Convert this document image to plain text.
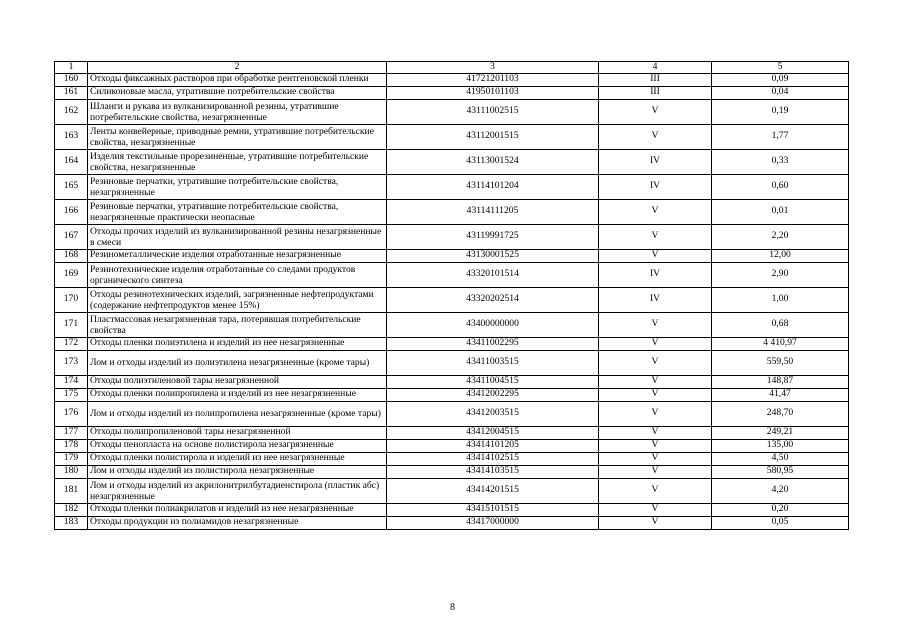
1	2	3	4	5
160	Отходы фиксажных растворов при обработке рентгеновской пленки	41721201103	III	0,09
161	Силиконовые масла, утратившие потребительские свойства	41950101103	III	0,04
162	Шланги и рукава из вулканизированной резины, утратившие потребительские свойства, незагрязненные	43111002515	V	0,19
163	Ленты конвейерные, приводные ремни, утратившие потребительские свойства, незагрязненные	43112001515	V	1,77
164	Изделия текстильные прорезиненные, утратившие потребительские свойства, незагрязненные	43113001524	IV	0,33
165	Резиновые перчатки, утратившие потребительские свойства, незагрязненные	43114101204	IV	0,60
166	Резиновые перчатки, утратившие потребительские свойства, незагрязненные практически неопасные	43114111205	V	0,01
167	Отходы прочих изделий из вулканизированной резины незагрязненные в смеси	43119991725	V	2,20
168	Резинометаллические изделия отработанные незагрязненные	43130001525	V	12,00
169	Резинотехнические изделия отработанные со следами продуктов органического синтеза	43320101514	IV	2,90
170	Отходы резинотехнических изделий, загрязненные нефтепродуктами (содержание нефтепродуктов менее 15%)	43320202514	IV	1,00
171	Пластмассовая незагрязненная тара, потерявшая потребительские свойства	43400000000	V	0,68
172	Отходы пленки полиэтилена и изделий из нее незагрязненные	43411002295	V	4 410,97
173	Лом и отходы изделий из полиэтилена незагрязненные (кроме тары)	43411003515	V	559,50
174	Отходы полиэтиленовой тары незагрязненной	43411004515	V	148,87
175	Отходы пленки полипропилена и изделий из нее незагрязненные	43412002295	V	41,47
176	Лом и отходы изделий из полипропилена незагрязненные (кроме тары)	43412003515	V	248,70
177	Отходы полипропиленовой тары незагрязненной	43412004515	V	249,21
178	Отходы пенопласта на основе полистирола незагрязненные	43414101205	V	135,00
179	Отходы пленки полистирола и изделий из нее незагрязненные	43414102515	V	4,50
180	Лом и отходы изделий из полистирола незагрязненные	43414103515	V	580,95
181	Лом и отходы изделий из акрилонитрилбутадиенстирола (пластик абс) незагрязненные	43414201515	V	4,20
182	Отходы пленки полиакрилатов и изделий из нее незагрязненные	43415101515	V	0,20
183	Отходы продукции из полиамидов незагрязненные	43417000000	V	0,05
8
